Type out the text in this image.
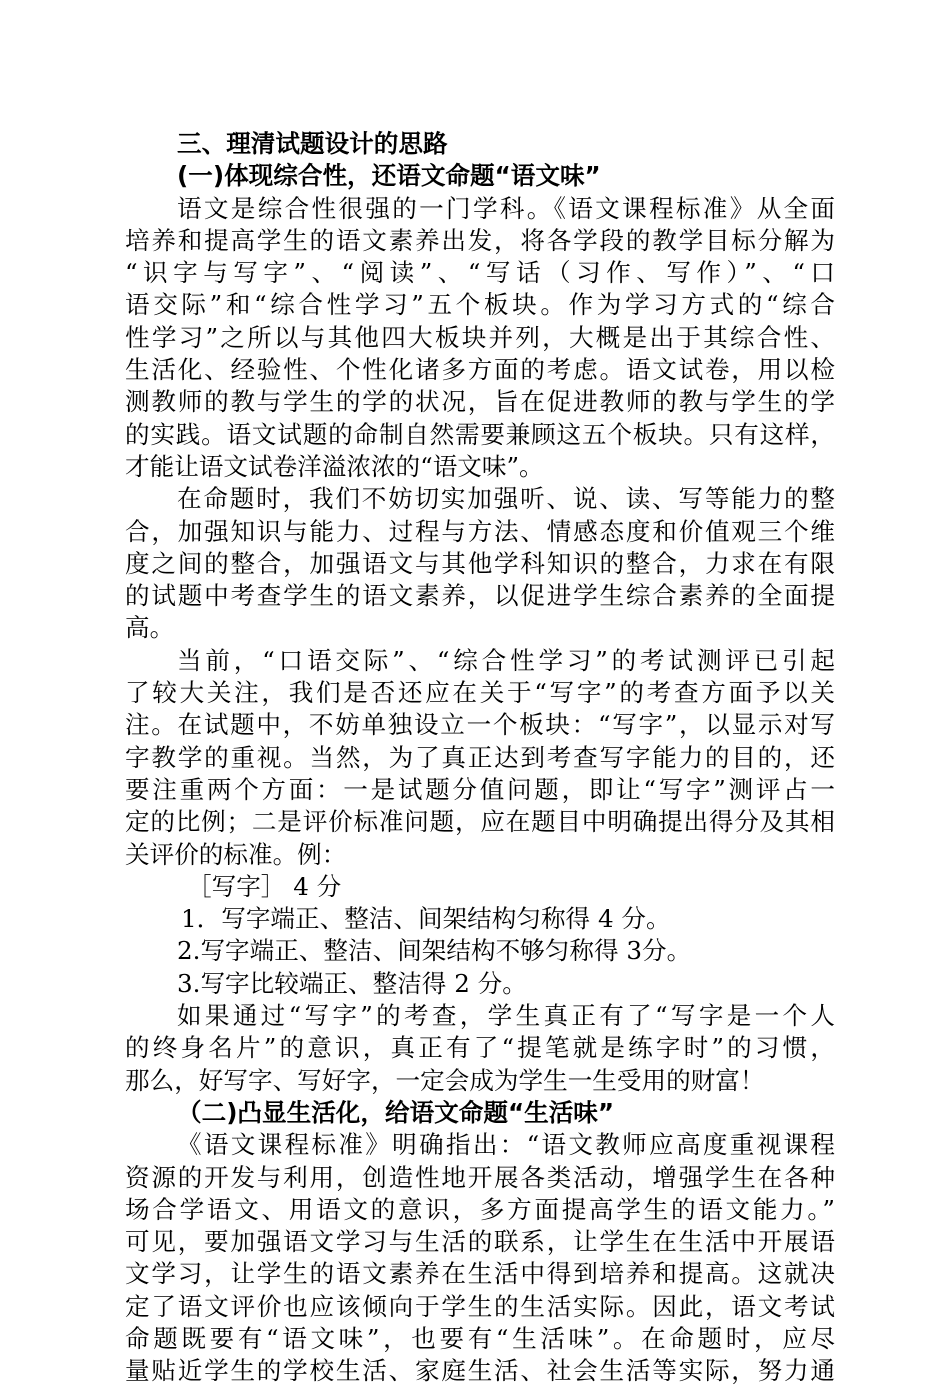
三、理清试题设计的思路
(一)体现综合性，还语文命题“语文味”
语文是综合性很强的一门学科。《语文课程标准》从全面
培养和提高学生的语文素养出发，将各学段的教学目标分解为
“识字与写字”、“阅读”、“写话（习作、写作）”、“口
语交际”和“综合性学习”五个板块。作为学习方式的“综合
性学习”之所以与其他四大板块并列，大概是出于其综合性、
生活化、经验性、个性化诸多方面的考虑。语文试卷，用以检
测教师的教与学生的学的状况，旨在促进教师的教与学生的学
的实践。语文试题的命制自然需要兼顾这五个板块。只有这样，
才能让语文试卷洋溢浓浓的“语文味”。
在命题时，我们不妨切实加强听、说、读、写等能力的整
合，加强知识与能力、过程与方法、情感态度和价值观三个维
度之间的整合，加强语文与其他学科知识的整合，力求在有限
的试题中考查学生的语文素养，以促进学生综合素养的全面提
高。
当前，“口语交际”、“综合性学习”的考试测评已引起
了较大关注，我们是否还应在关于“写字”的考查方面予以关
注。在试题中，不妨单独设立一个板块：“写字”，以显示对写
字教学的重视。当然，为了真正达到考查写字能力的目的，还
要注重两个方面：一是试题分值问题，即让“写字”测评占一
定的比例；二是评价标准问题，应在题目中明确提出得分及其相
关评价的标准。例：
［写字］ 4 分
1．写字端正、整洁、间架结构匀称得 4 分。
2.写字端正、整洁、间架结构不够匀称得 3分。
3.写字比较端正、整洁得 2 分。
如果通过“写字”的考查，学生真正有了“写字是一个人
的终身名片”的意识，真正有了“提笔就是练字时”的习惯，
那么，好写字、写好字，一定会成为学生一生受用的财富！
（二)凸显生活化，给语文命题“生活味”
《语文课程标准》明确指出：“语文教师应高度重视课程
资源的开发与利用，创造性地开展各类活动，增强学生在各种
场合学语文、用语文的意识，多方面提高学生的语文能力。”
可见，要加强语文学习与生活的联系，让学生在生活中开展语
文学习，让学生的语文素养在生活中得到培养和提高。这就决
定了语文评价也应该倾向于学生的生活实际。因此，语文考试
命题既要有“语文味”，也要有“生活味”。在命题时，应尽
量贴近学生的学校生活、家庭生活、社会生活等实际，努力通
